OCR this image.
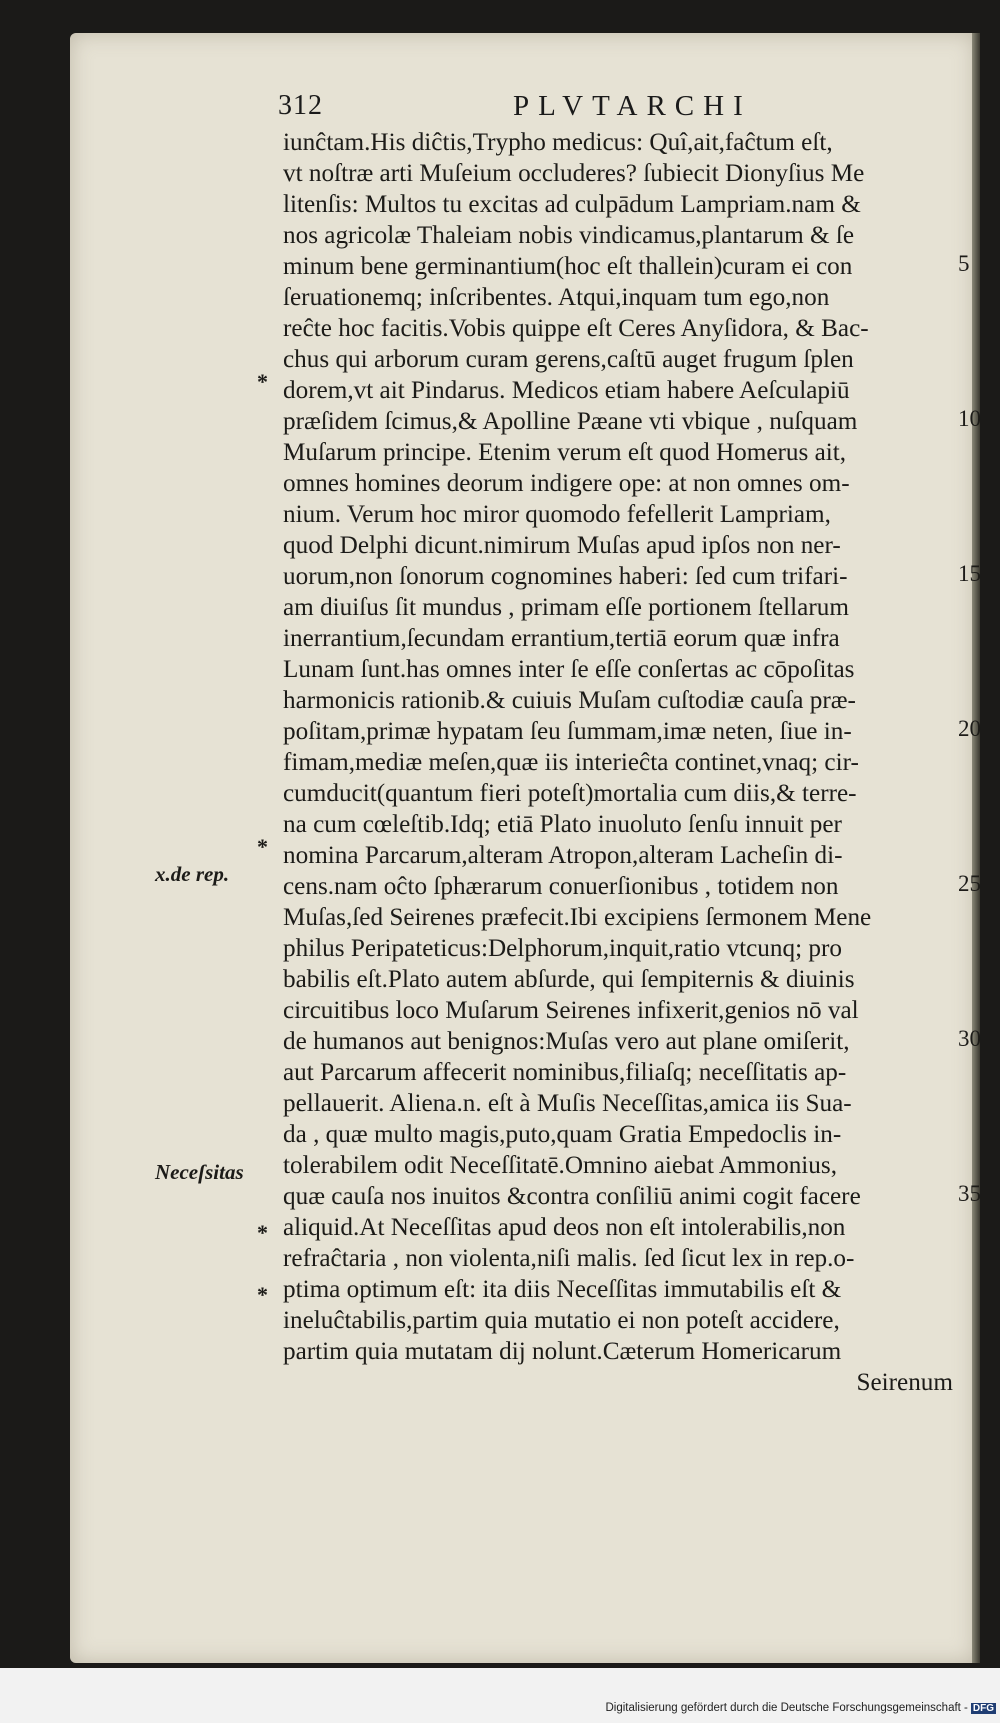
312	PLVTARCHI
iunĉtam.His diĉtis,Trypho medicus: Quî,ait,faĉtum eſt,
vt noſtræ arti Muſeium occluderes? ſubiecit Dionyſius Me
litenſis: Multos tu excitas ad culpādum Lampriam.nam &
nos agricolæ Thaleiam nobis vindicamus,plantarum & ſe
minum bene germinantium(hoc eſt thallein)curam ei con
ſeruationemq; inſcribentes. Atqui,inquam tum ego,non
reĉte hoc facitis.Vobis quippe eſt Ceres Anyſidora, & Bac-
chus qui arborum curam gerens,caſtū auget frugum ſplen
dorem,vt ait Pindarus. Medicos etiam habere Aeſculapiū
præſidem ſcimus,& Apolline Pæane vti vbique , nuſquam
Muſarum principe. Etenim verum eſt quod Homerus ait,
omnes homines deorum indigere ope: at non omnes om-
nium. Verum hoc miror quomodo fefellerit Lampriam,
quod Delphi dicunt.nimirum Muſas apud ipſos non ner-
uorum,non ſonorum cognomines haberi: ſed cum trifari-
am diuiſus ſit mundus , primam eſſe portionem ſtellarum
inerrantium,ſecundam errantium,tertiā eorum quæ infra
Lunam ſunt.has omnes inter ſe eſſe conſertas ac cōpoſitas
harmonicis rationib.& cuiuis Muſam cuſtodiæ cauſa præ-
poſitam,primæ hypatam ſeu ſummam,imæ neten, ſiue in-
fimam,mediæ meſen,quæ iis interieĉta continet,vnaq; cir-
cumducit(quantum fieri poteſt)mortalia cum diis,& terre-
na cum cœleſtib.Idq; etiā Plato inuoluto ſenſu innuit per
nomina Parcarum,alteram Atropon,alteram Lacheſin di-
cens.nam oĉto ſphærarum conuerſionibus , totidem non
Muſas,ſed Seirenes præfecit.Ibi excipiens ſermonem Mene
philus Peripateticus:Delphorum,inquit,ratio vtcunq; pro
babilis eſt.Plato autem abſurde, qui ſempiternis & diuinis
circuitibus loco Muſarum Seirenes infixerit,genios nō val
de humanos aut benignos:Muſas vero aut plane omiſerit,
aut Parcarum affecerit nominibus,filiaſq; neceſſitatis ap-
pellauerit. Aliena.n. eſt à Muſis Neceſſitas,amica iis Sua-
da , quæ multo magis,puto,quam Gratia Empedoclis in-
tolerabilem odit Neceſſitatē.Omnino aiebat Ammonius,
quæ cauſa nos inuitos &contra conſiliū animi cogit facere
aliquid.At Neceſſitas apud deos non eſt intolerabilis,non
refraĉtaria , non violenta,niſi malis. ſed ſicut lex in rep.o-
ptima optimum eſt: ita diis Neceſſitas immutabilis eſt &
ineluĉtabilis,partim quia mutatio ei non poteſt accidere,
partim quia mutatam dij nolunt.Cæterum Homericarum
Seirenum
x.de rep.
Neceſsitas
*
*
*
*
5
10
15
20
25
30
35
Digitalisierung gefördert durch die Deutsche Forschungsgemeinschaft - DFG
